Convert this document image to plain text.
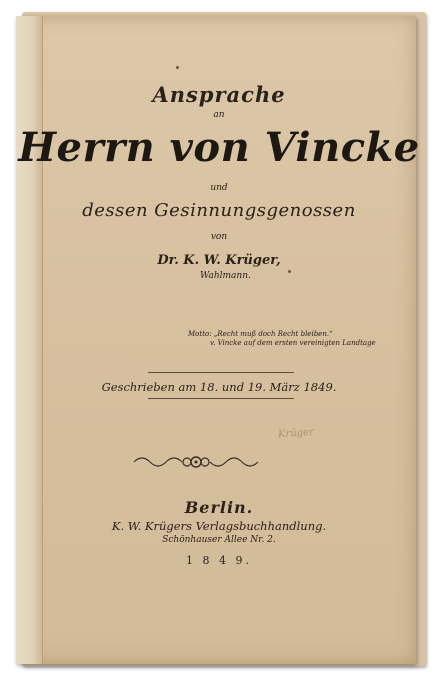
Ansprache
an
Herrn von Vincke
und
dessen Gesinnungsgenossen
von
Dr. K. W. Krüger,
Wahlmann.
Motto: „Recht muß doch Recht bleiben.“
v. Vincke auf dem ersten vereinigten Landtage
Geschrieben am 18. und 19. März 1849.
Krüger
Berlin.
K. W. Krügers Verlagsbuchhandlung.
Schönhauser Allee Nr. 2.
1 8 4 9.
